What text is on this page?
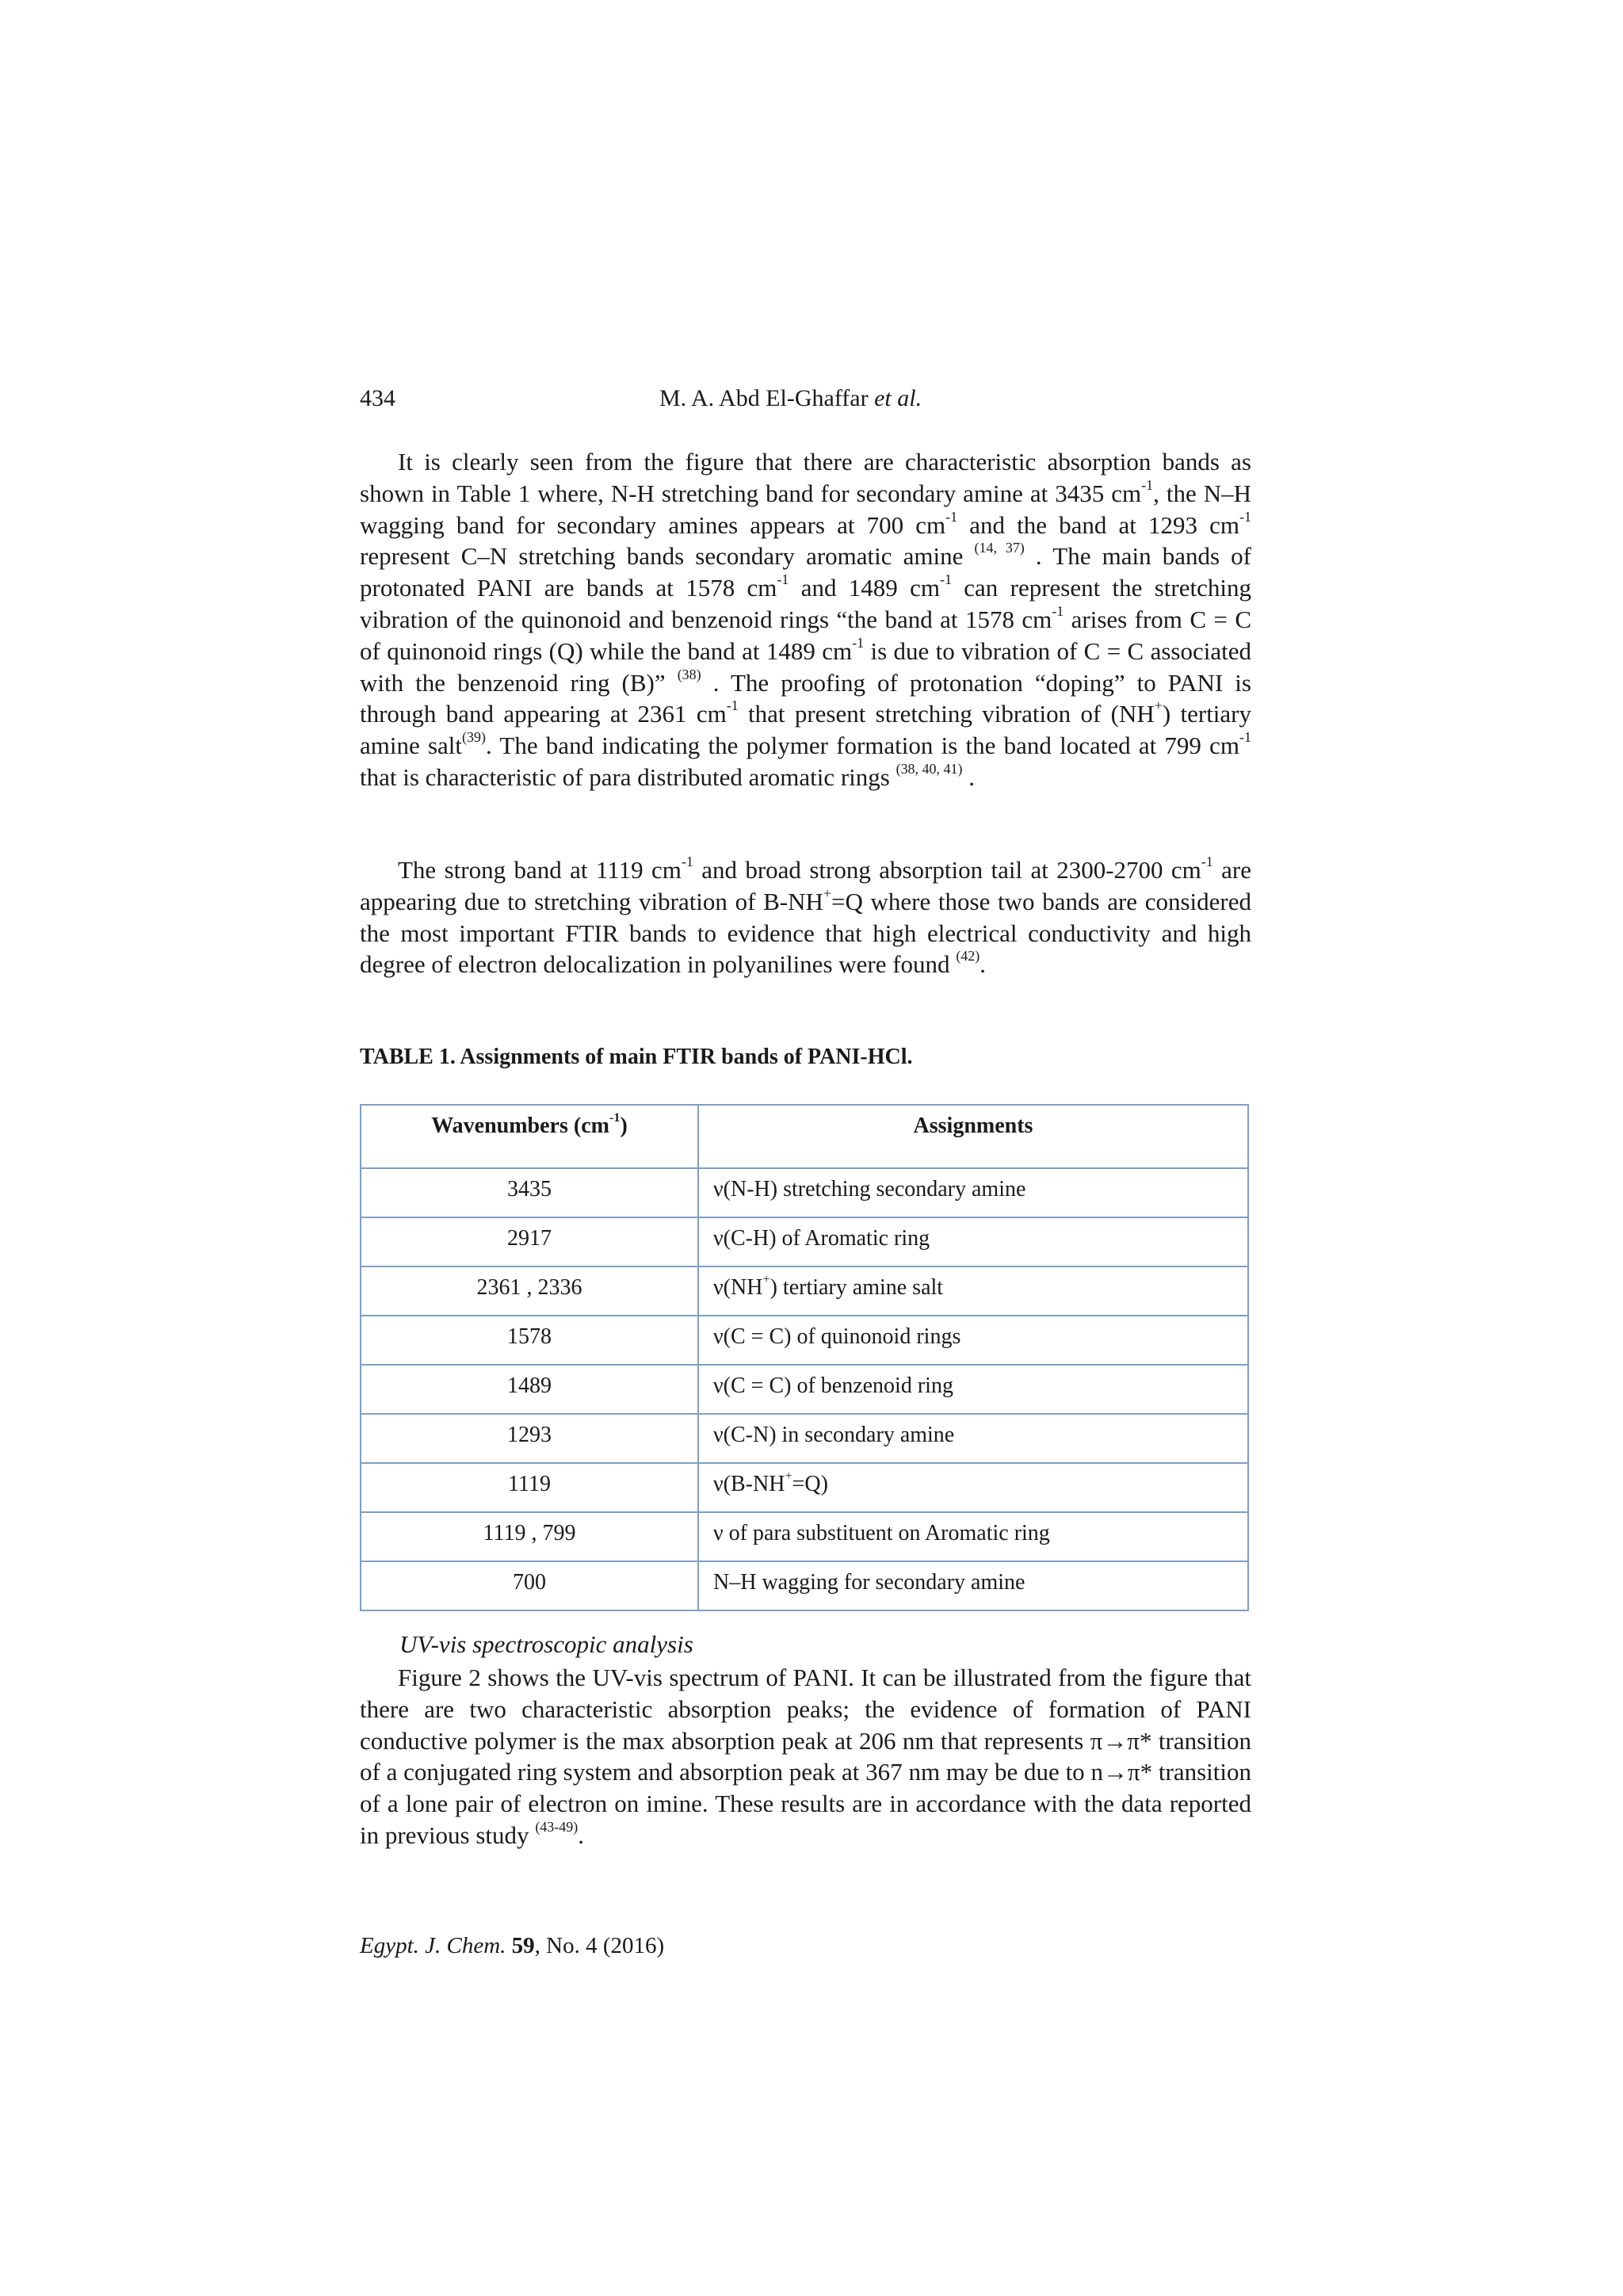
434	M. A. Abd El-Ghaffar et al.
It is clearly seen from the figure that there are characteristic absorption bands as shown in Table 1 where, N-H stretching band for secondary amine at 3435 $cm^{-1}$, the N–H wagging band for secondary amines appears at 700 $cm^{-1}$ and the band at 1293 $cm^{-1}$ represent C–N stretching bands secondary aromatic amine $^{(14, 37)}$ . The main bands of protonated PANI are bands at 1578 $cm^{-1}$ and 1489 $cm^{-1}$ can represent the stretching vibration of the quinonoid and benzenoid rings “the band at 1578 $cm^{-1}$ arises from C = C of quinonoid rings (Q) while the band at 1489 $cm^{-1}$ is due to vibration of C = C associated with the benzenoid ring (B)” $^{(38)}$ . The proofing of protonation “doping” to PANI is through band appearing at 2361 $cm^{-1}$ that present stretching vibration of (NH+) tertiary amine salt$^{(39)}$. The band indicating the polymer formation is the band located at 799 $cm^{-1}$ that is characteristic of para distributed aromatic rings $^{(38, 40, 41)}$ .
The strong band at 1119 $cm^{-1}$ and broad strong absorption tail at 2300-2700 $cm^{-1}$ are appearing due to stretching vibration of B-NH+=Q where those two bands are considered the most important FTIR bands to evidence that high electrical conductivity and high degree of electron delocalization in polyanilines were found $^{(42)}$.
TABLE 1. Assignments of main FTIR bands of PANI-HCl.
Wavenumbers $(cm^{-1})$	Assignments
3435	ν(N-H) stretching secondary amine
2917	ν(C-H) of Aromatic ring
2361 , 2336	ν(NH+) tertiary amine salt
1578	ν(C = C) of quinonoid rings
1489	ν(C = C) of benzenoid ring
1293	ν(C-N) in secondary amine
1119	ν(B-NH+=Q)
1119 , 799	ν of para substituent on Aromatic ring
700	N–H wagging for secondary amine
UV-vis spectroscopic analysis
Figure 2 shows the UV-vis spectrum of PANI. It can be illustrated from the figure that there are two characteristic absorption peaks; the evidence of formation of PANI conductive polymer is the max absorption peak at 206 nm that represents π→π* transition of a conjugated ring system and absorption peak at 367 nm may be due to n→π* transition of a lone pair of electron on imine. These results are in accordance with the data reported in previous study $^{(43-49)}$.
Egypt. J. Chem. 59, No. 4 (2016)
